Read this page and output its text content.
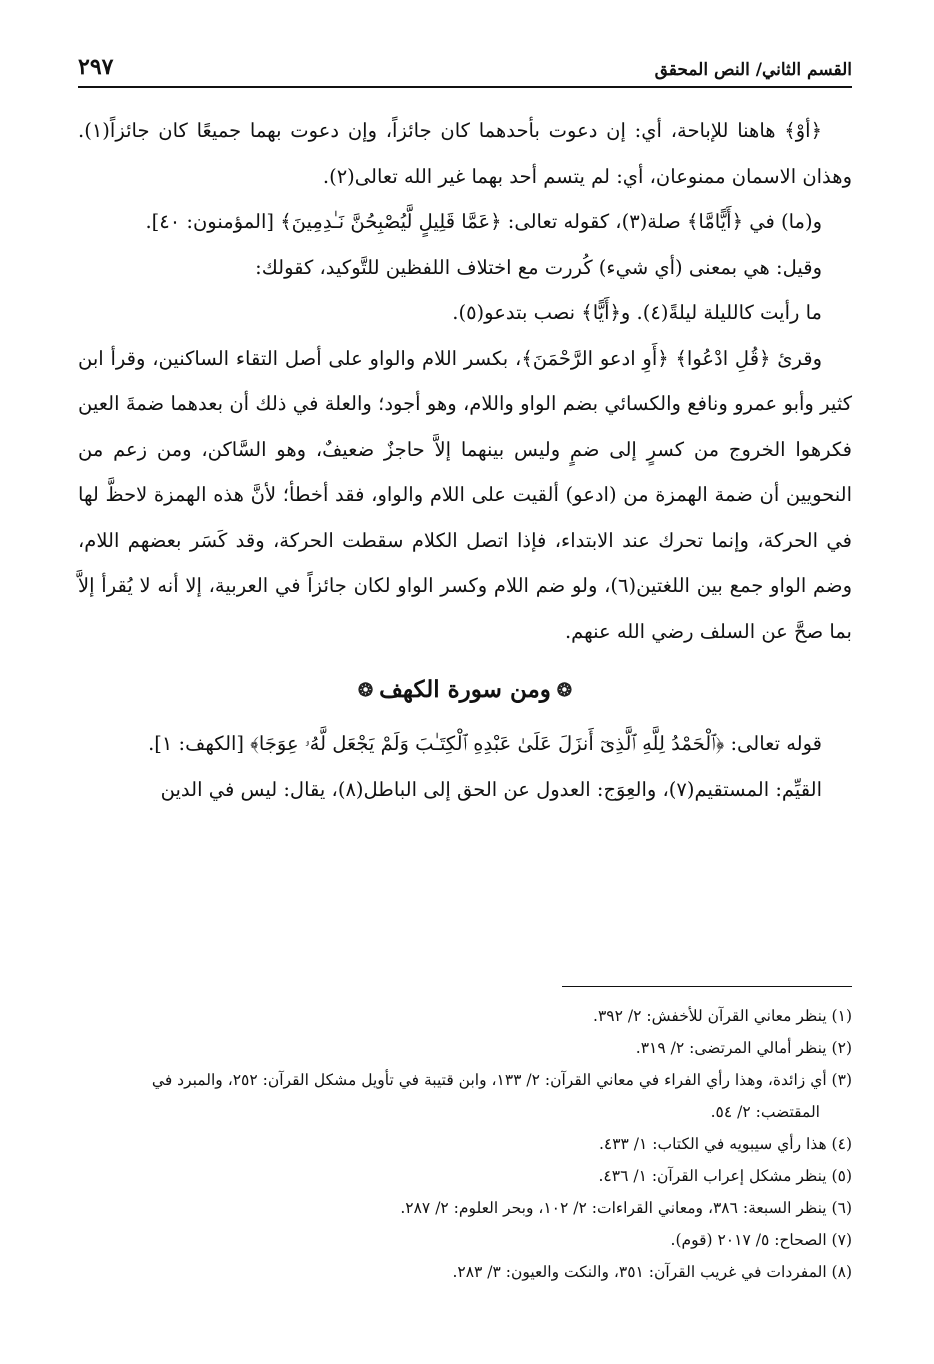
القسم الثاني/ النص المحقق
٢٩٧

﴿أوْ﴾ هاهنا للإباحة، أي: إن دعوت بأحدهما كان جائزاً، وإن دعوت بهما جميعًا كان جائزاً(١). وهذان الاسمان ممنوعان، أي: لم يتسم أحد بهما غير الله تعالى(٢).

و(ما) في ﴿أَيًّامَّا﴾ صلة(٣)، كقوله تعالى: ﴿عَمَّا قَلِيلٍ لَّيُصْبِحُنَّ نَـٰدِمِينَ﴾ [المؤمنون: ٤٠].

وقيل: هي بمعنى (أي شيء) كُررت مع اختلاف اللفظين للتَّوكيد، كقولك:

ما رأيت كالليلة ليلةً(٤). و﴿أَيًّا﴾ نصب بتدعو(٥).

وقرئ ﴿قُلِ ادْعُوا﴾ ﴿أَوِ ادعو الرَّحْمَنَ﴾، بكسر اللام والواو على أصل التقاء الساكنين، وقرأ ابن كثير وأبو عمرو ونافع والكسائي بضم الواو واللام، وهو أجود؛ والعلة في ذلك أن بعدهما ضمةَ العين فكرهوا الخروج من كسرٍ إلى ضمٍ وليس بينهما إلاَّ حاجزٌ ضعيفٌ، وهو السَّاكن، ومن زعم من النحويين أن ضمة الهمزة من (ادعو) ألقيت على اللام والواو، فقد أخطأ؛ لأنَّ هذه الهمزة لاحظَّ لها في الحركة، وإنما تحرك عند الابتداء، فإذا اتصل الكلام سقطت الحركة، وقد كَسَر بعضهم اللام، وضم الواو جمع بين اللغتين(٦)، ولو ضم اللام وكسر الواو لكان جائزاً في العربية، إلا أنه لا يُقرأ إلاَّ بما صحَّ عن السلف رضي الله عنهم.

❂ومن سورة الكهف❂

قوله تعالى: ﴿ٱلْحَمْدُ لِلَّهِ ٱلَّذِىٓ أَنزَلَ عَلَىٰ عَبْدِهِ ٱلْكِتَـٰبَ وَلَمْ يَجْعَل لَّهُۥ عِوَجَا﴾ [الكهف: ١].

القيِّم: المستقيم(٧)، والعِوَج: العدول عن الحق إلى الباطل(٨)، يقال: ليس في الدين

(١) ينظر معاني القرآن للأخفش: ٢/ ٣٩٢.

(٢) ينظر أمالي المرتضى: ٢/ ٣١٩.

(٣) أي زائدة، وهذا رأي الفراء في معاني القرآن: ٢/ ١٣٣، وابن قتيبة في تأويل مشكل القرآن: ٢٥٢، والمبرد في

المقتضب: ٢/ ٥٤.

(٤) هذا رأي سيبويه في الكتاب: ١/ ٤٣٣.

(٥) ينظر مشكل إعراب القرآن: ١/ ٤٣٦.

(٦) ينظر السبعة: ٣٨٦، ومعاني القراءات: ٢/ ١٠٢، وبحر العلوم: ٢/ ٢٨٧.

(٧) الصحاح: ٥/ ٢٠١٧ (قوم).

(٨) المفردات في غريب القرآن: ٣٥١، والنكت والعيون: ٣/ ٢٨٣.
